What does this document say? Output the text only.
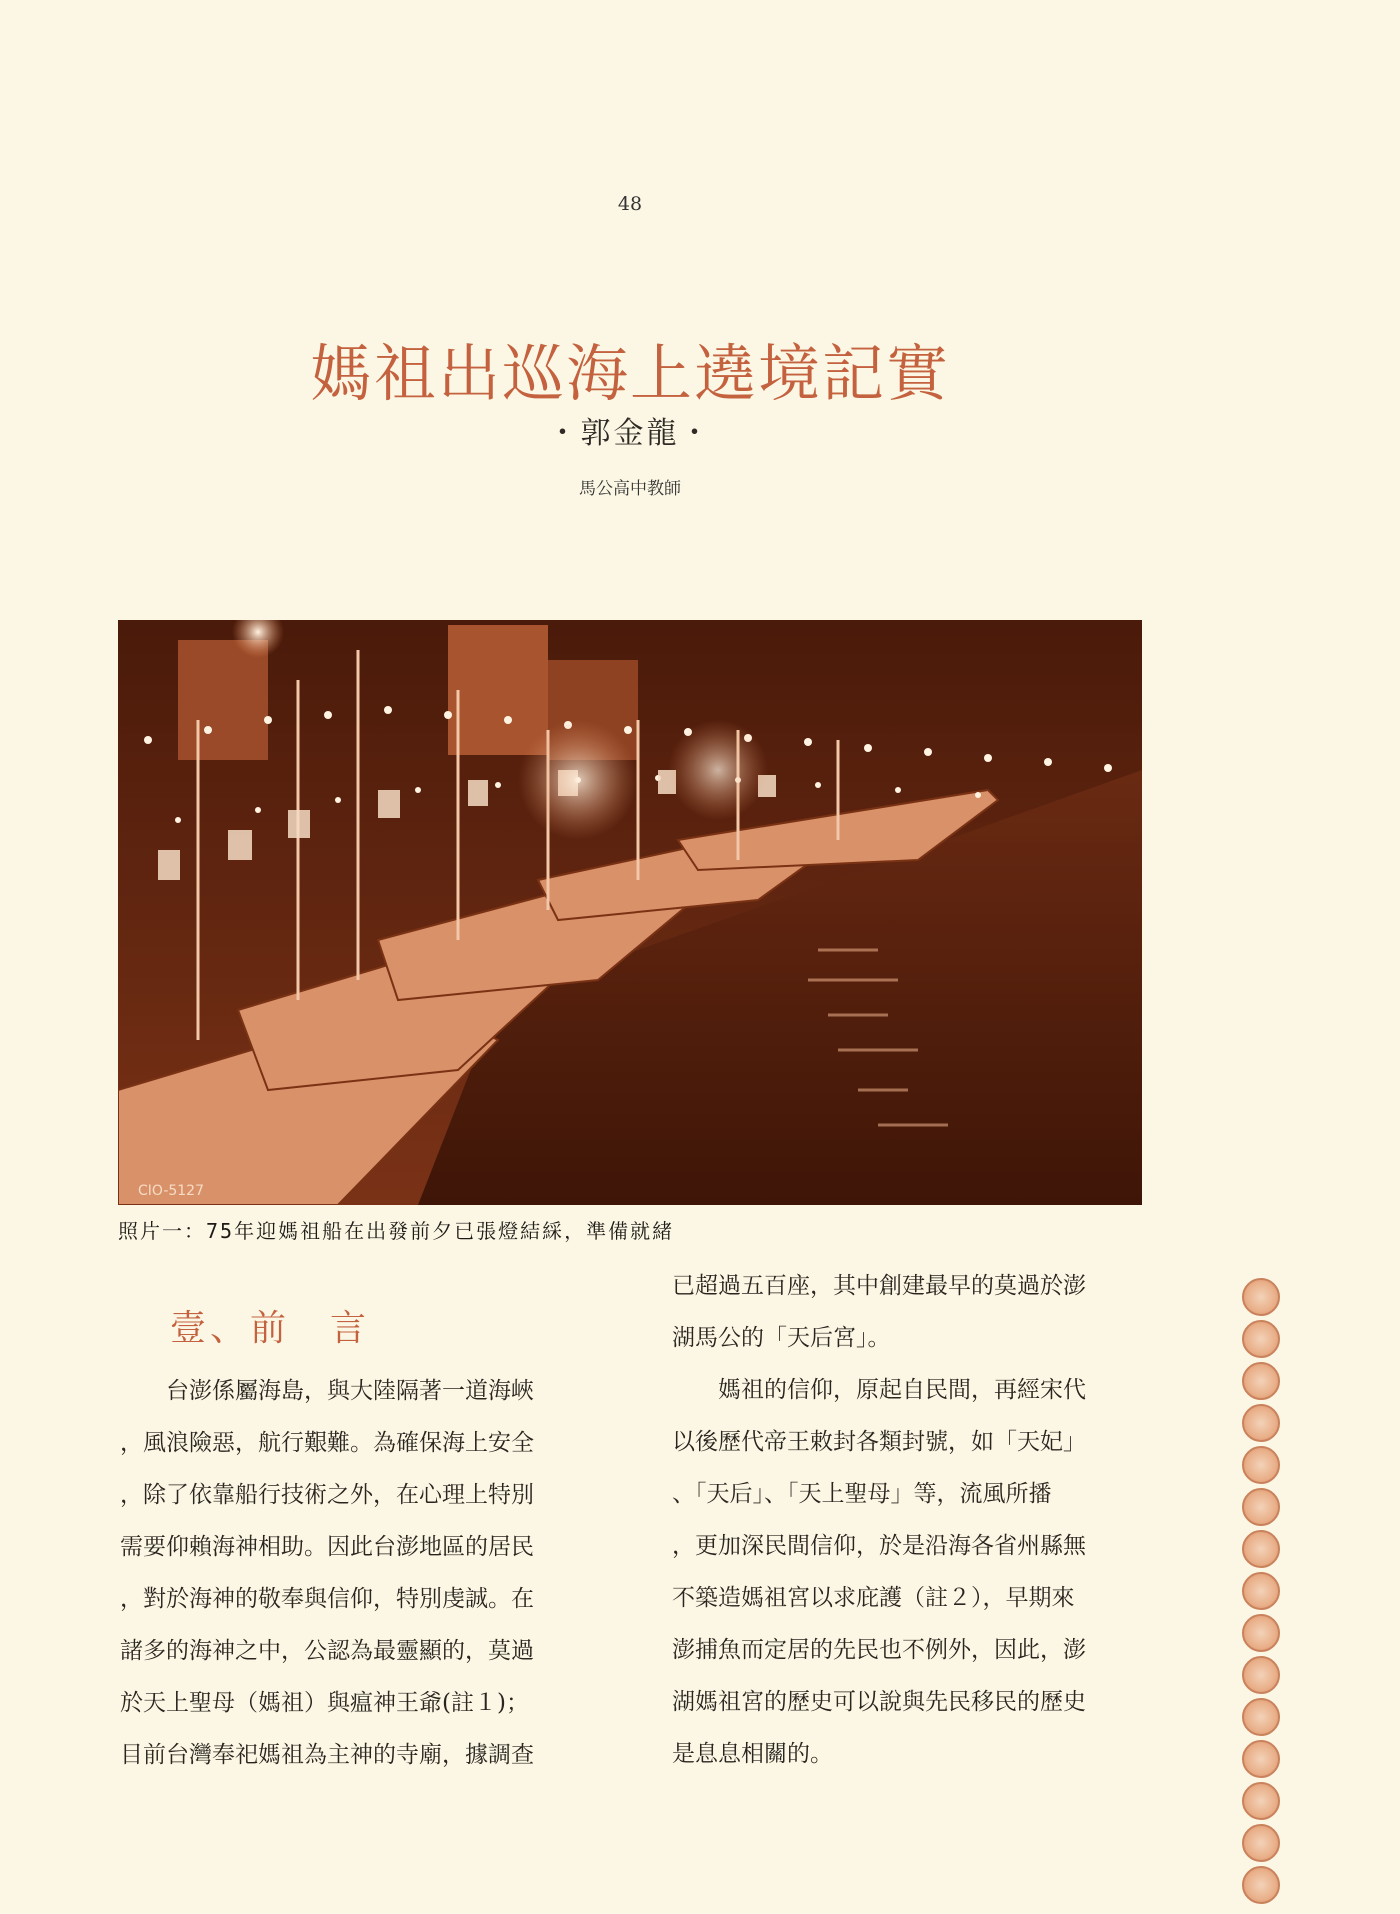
48
媽祖出巡海上遶境記實
・郭金龍・
馬公高中教師
CIO-5127
照片一：75年迎媽祖船在出發前夕已張燈結綵，準備就緒
壹、前　言
　　台澎係屬海島，與大陸隔著一道海峽
，風浪險惡，航行艱難。為確保海上安全
，除了依靠船行技術之外，在心理上特別
需要仰賴海神相助。因此台澎地區的居民
，對於海神的敬奉與信仰，特別虔誠。在
諸多的海神之中，公認為最靈顯的，莫過
於天上聖母（媽祖）與瘟神王爺(註１)；
目前台灣奉祀媽祖為主神的寺廟，據調查
已超過五百座，其中創建最早的莫過於澎
湖馬公的「天后宮」。
　　媽祖的信仰，原起自民間，再經宋代
以後歷代帝王敕封各類封號，如「天妃」
、「天后」、「天上聖母」等，流風所播
，更加深民間信仰，於是沿海各省州縣無
不築造媽祖宮以求庇護（註２），早期來
澎捕魚而定居的先民也不例外，因此，澎
湖媽祖宮的歷史可以說與先民移民的歷史
是息息相關的。
